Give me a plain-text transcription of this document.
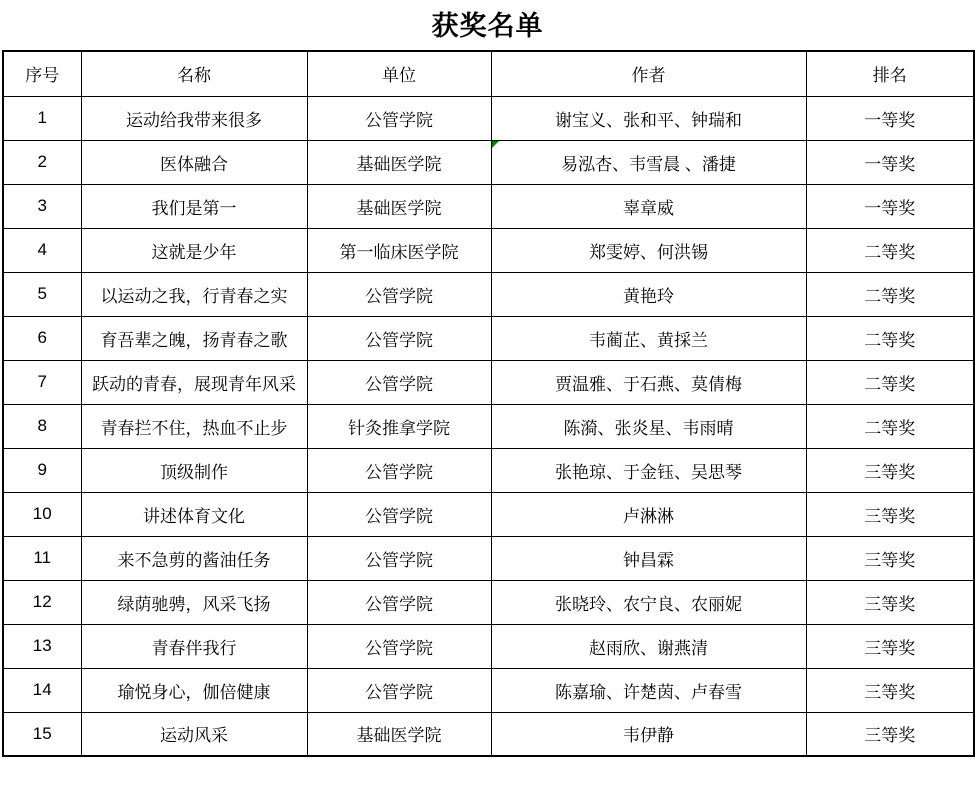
获奖名单
序号	名称	单位	作者	排名
1	运动给我带来很多	公管学院	谢宝义、张和平、钟瑞和	一等奖
2	医体融合	基础医学院	易泓杏、韦雪晨 、潘捷	一等奖
3	我们是第一	基础医学院	辜章威	一等奖
4	这就是少年	第一临床医学院	郑雯婷、何洪锡	二等奖
5	以运动之我，行青春之实	公管学院	黄艳玲	二等奖
6	育吾辈之魄，扬青春之歌	公管学院	韦蔺芷、黄採兰	二等奖
7	跃动的青春，展现青年风采	公管学院	贾温雅、于石燕、莫倩梅	二等奖
8	青春拦不住，热血不止步	针灸推拿学院	陈漪、张炎星、韦雨晴	二等奖
9	顶级制作	公管学院	张艳琼、于金钰、吴思琴	三等奖
10	讲述体育文化	公管学院	卢淋淋	三等奖
11	来不急剪的酱油任务	公管学院	钟昌霖	三等奖
12	绿荫驰骋，风采飞扬	公管学院	张晓玲、农宁良、农丽妮	三等奖
13	青春伴我行	公管学院	赵雨欣、谢燕清	三等奖
14	瑜悦身心，伽倍健康	公管学院	陈嘉瑜、许楚茵、卢春雪	三等奖
15	运动风采	基础医学院	韦伊静	三等奖
